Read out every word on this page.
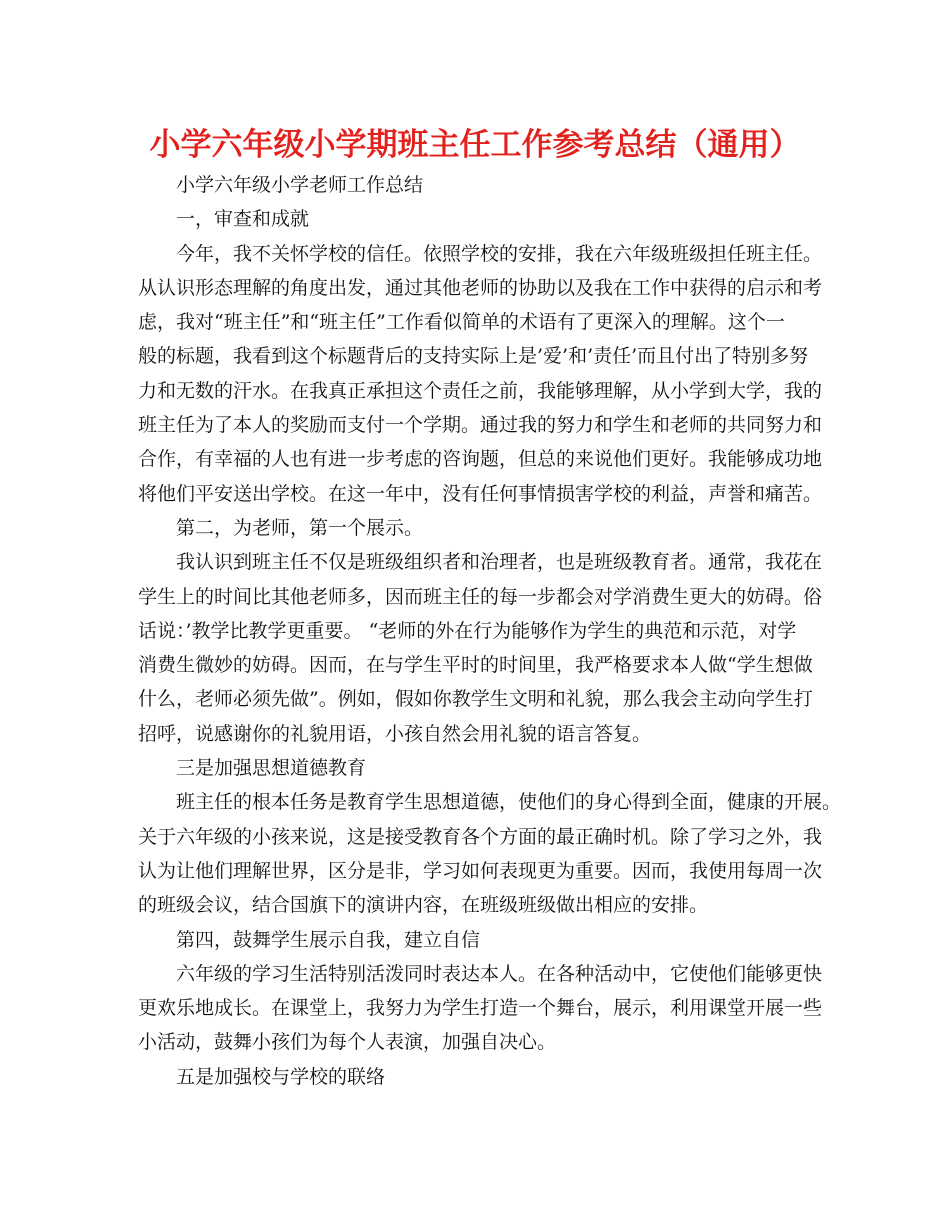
小学六年级小学期班主任工作参考总结（通用）
小学六年级小学老师工作总结
一，审查和成就
今年，我不关怀学校的信任。依照学校的安排，我在六年级班级担任班主任。
从认识形态理解的角度出发，通过其他老师的协助以及我在工作中获得的启示和考
虑，我对“班主任”和“班主任”工作看似简单的术语有了更深入的理解。这个一
般的标题，我看到这个标题背后的支持实际上是’爱’和’责任’而且付出了特别多努
力和无数的汗水。在我真正承担这个责任之前，我能够理解，从小学到大学，我的
班主任为了本人的奖励而支付一个学期。通过我的努力和学生和老师的共同努力和
合作，有幸福的人也有进一步考虑的咨询题，但总的来说他们更好。我能够成功地
将他们平安送出学校。在这一年中，没有任何事情损害学校的利益，声誉和痛苦。
第二，为老师，第一个展示。
我认识到班主任不仅是班级组织者和治理者，也是班级教育者。通常，我花在
学生上的时间比其他老师多，因而班主任的每一步都会对学消费生更大的妨碍。俗
话说：’教学比教学更重要。 “老师的外在行为能够作为学生的典范和示范，对学
消费生微妙的妨碍。因而，在与学生平时的时间里，我严格要求本人做“学生想做
什么，老师必须先做”。例如，假如你教学生文明和礼貌，那么我会主动向学生打
招呼，说感谢你的礼貌用语，小孩自然会用礼貌的语言答复。
三是加强思想道德教育
班主任的根本任务是教育学生思想道德，使他们的身心得到全面，健康的开展。
关于六年级的小孩来说，这是接受教育各个方面的最正确时机。除了学习之外，我
认为让他们理解世界，区分是非，学习如何表现更为重要。因而，我使用每周一次
的班级会议，结合国旗下的演讲内容，在班级班级做出相应的安排。
第四，鼓舞学生展示自我，建立自信
六年级的学习生活特别活泼同时表达本人。在各种活动中，它使他们能够更快
更欢乐地成长。在课堂上，我努力为学生打造一个舞台，展示，利用课堂开展一些
小活动，鼓舞小孩们为每个人表演，加强自决心。
五是加强校与学校的联络
